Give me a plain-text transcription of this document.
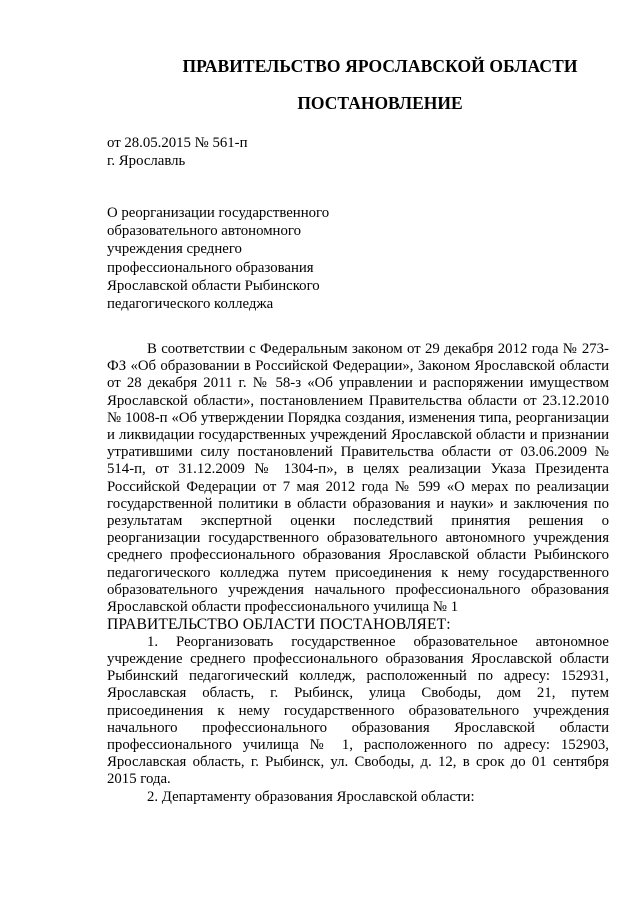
ПРАВИТЕЛЬСТВО ЯРОСЛАВСКОЙ ОБЛАСТИ
ПОСТАНОВЛЕНИЕ
от 28.05.2015 № 561-п
г. Ярославль
О реорганизации государственного
образовательного автономного
учреждения среднего
профессионального образования
Ярославской области Рыбинского
педагогического колледжа

В соответствии с Федеральным законом от 29 декабря 2012 года № 273-ФЗ «Об образовании в Российской Федерации», Законом Ярославской области от 28 декабря 2011 г. № 58-з «Об управлении и распоряжении имуществом Ярославской области», постановлением Правительства области от 23.12.2010 № 1008-п «Об утверждении Порядка создания, изменения типа, реорганизации и ликвидации государственных учреждений Ярославской области и признании утратившими силу постановлений Правительства области от 03.06.2009 № 514-п, от 31.12.2009 № 1304-п», в целях реализации Указа Президента Российской Федерации от 7 мая 2012 года № 599 «О мерах по реализации государственной политики в области образования и науки» и заключения по результатам экспертной оценки последствий принятия решения о реорганизации государственного образовательного автономного учреждения среднего профессионального образования Ярославской области Рыбинского педагогического колледжа путем присоединения к нему государственного образовательного учреждения начального профессионального образования Ярославской области профессионального училища № 1

ПРАВИТЕЛЬСТВО ОБЛАСТИ ПОСТАНОВЛЯЕТ:

1. Реорганизовать государственное образовательное автономное учреждение среднего профессионального образования Ярославской области Рыбинский педагогический колледж, расположенный по адресу: 152931, Ярославская область, г. Рыбинск, улица Свободы, дом 21, путем присоединения к нему государственного образовательного учреждения начального профессионального образования Ярославской области профессионального училища № 1, расположенного по адресу: 152903, Ярославская область, г. Рыбинск, ул. Свободы, д. 12, в срок до 01 сентября 2015 года.

2. Департаменту образования Ярославской области:
